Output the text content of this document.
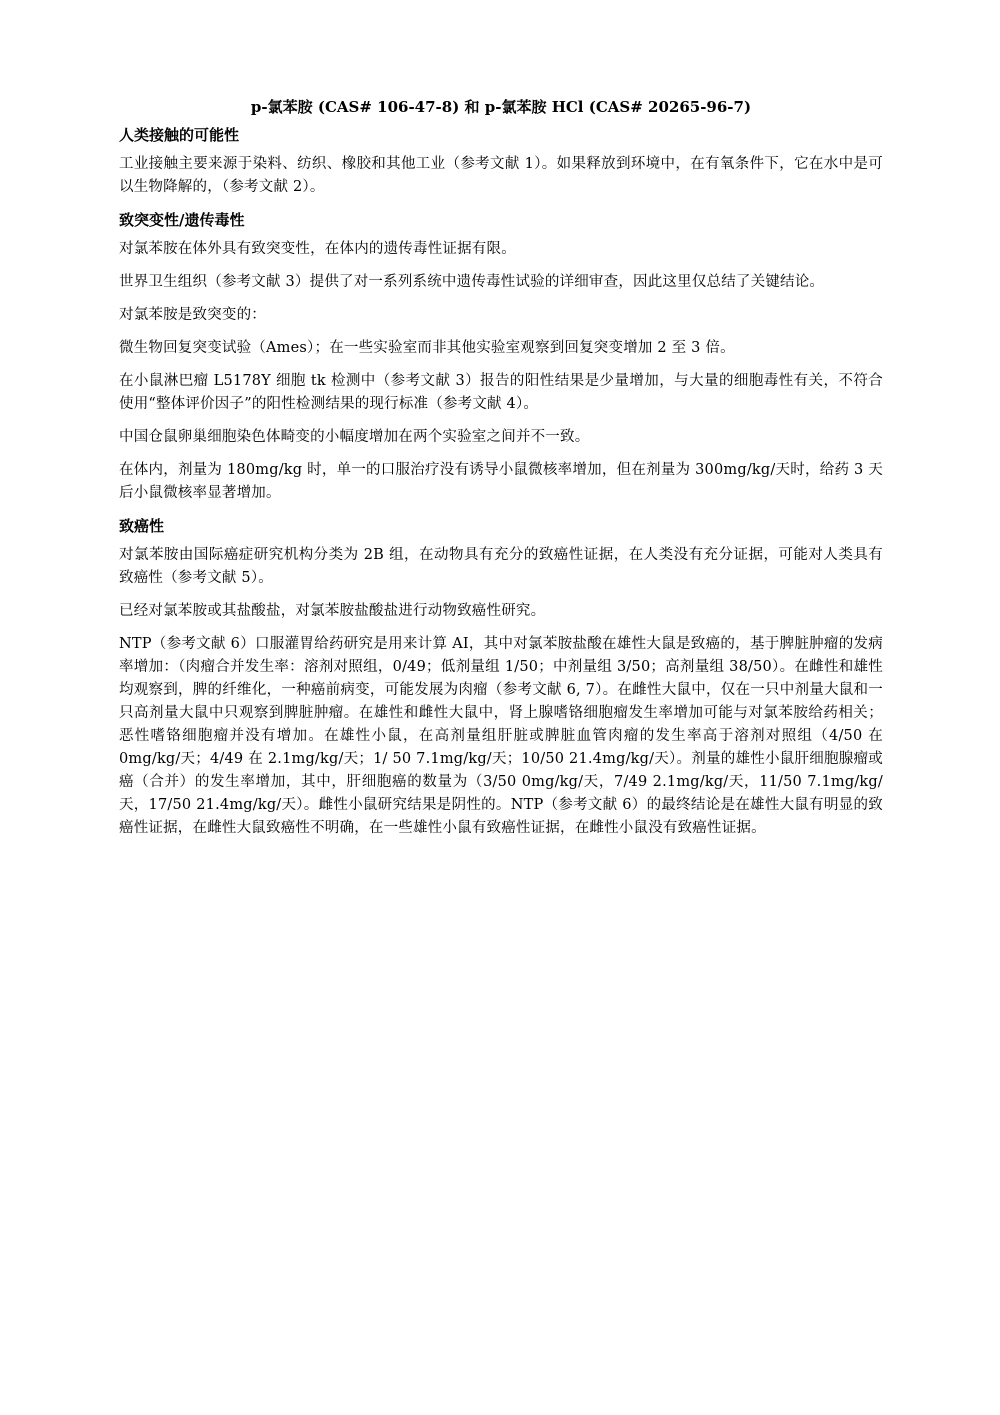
p-氯苯胺 (CAS# 106-47-8) 和 p-氯苯胺 HCl (CAS# 20265-96-7)
人类接触的可能性

工业接触主要来源于染料、纺织、橡胶和其他工业（参考文献 1）。如果释放到环境中，在有氧条件下，它在水中是可以生物降解的，（参考文献 2）。

致突变性/遗传毒性

对氯苯胺在体外具有致突变性，在体内的遗传毒性证据有限。

世界卫生组织（参考文献 3）提供了对一系列系统中遗传毒性试验的详细审查，因此这里仅总结了关键结论。

对氯苯胺是致突变的：

微生物回复突变试验（Ames）；在一些实验室而非其他实验室观察到回复突变增加 2 至 3 倍。

在小鼠淋巴瘤 L5178Y 细胞 tk 检测中（参考文献 3）报告的阳性结果是少量增加，与大量的细胞毒性有关，不符合使用“整体评价因子”的阳性检测结果的现行标准（参考文献 4）。

中国仓鼠卵巢细胞染色体畸变的小幅度增加在两个实验室之间并不一致。

在体内，剂量为 180mg/kg 时，单一的口服治疗没有诱导小鼠微核率增加，但在剂量为 300mg/kg/天时，给药 3 天后小鼠微核率显著增加。

致癌性

对氯苯胺由国际癌症研究机构分类为 2B 组，在动物具有充分的致癌性证据，在人类没有充分证据，可能对人类具有致癌性（参考文献 5）。

已经对氯苯胺或其盐酸盐，对氯苯胺盐酸盐进行动物致癌性研究。

NTP（参考文献 6）口服灌胃给药研究是用来计算 AI，其中对氯苯胺盐酸在雄性大鼠是致癌的，基于脾脏肿瘤的发病率增加：（肉瘤合并发生率：溶剂对照组，0/49；低剂量组 1/50；中剂量组 3/50；高剂量组 38/50）。在雌性和雄性均观察到，脾的纤维化，一种癌前病变，可能发展为肉瘤（参考文献 6, 7）。在雌性大鼠中，仅在一只中剂量大鼠和一只高剂量大鼠中只观察到脾脏肿瘤。在雄性和雌性大鼠中，肾上腺嗜铬细胞瘤发生率增加可能与对氯苯胺给药相关；恶性嗜铬细胞瘤并没有增加。在雄性小鼠，在高剂量组肝脏或脾脏血管肉瘤的发生率高于溶剂对照组（4/50 在 0mg/kg/天；4/49 在 2.1mg/kg/天；1/ 50 7.1mg/kg/天；10/50 21.4mg/kg/天）。剂量的雄性小鼠肝细胞腺瘤或癌（合并）的发生率增加，其中，肝细胞癌的数量为（3/50 0mg/kg/天，7/49 2.1mg/kg/天，11/50 7.1mg/kg/天，17/50 21.4mg/kg/天）。雌性小鼠研究结果是阴性的。NTP（参考文献 6）的最终结论是在雄性大鼠有明显的致癌性证据，在雌性大鼠致癌性不明确，在一些雄性小鼠有致癌性证据，在雌性小鼠没有致癌性证据。
